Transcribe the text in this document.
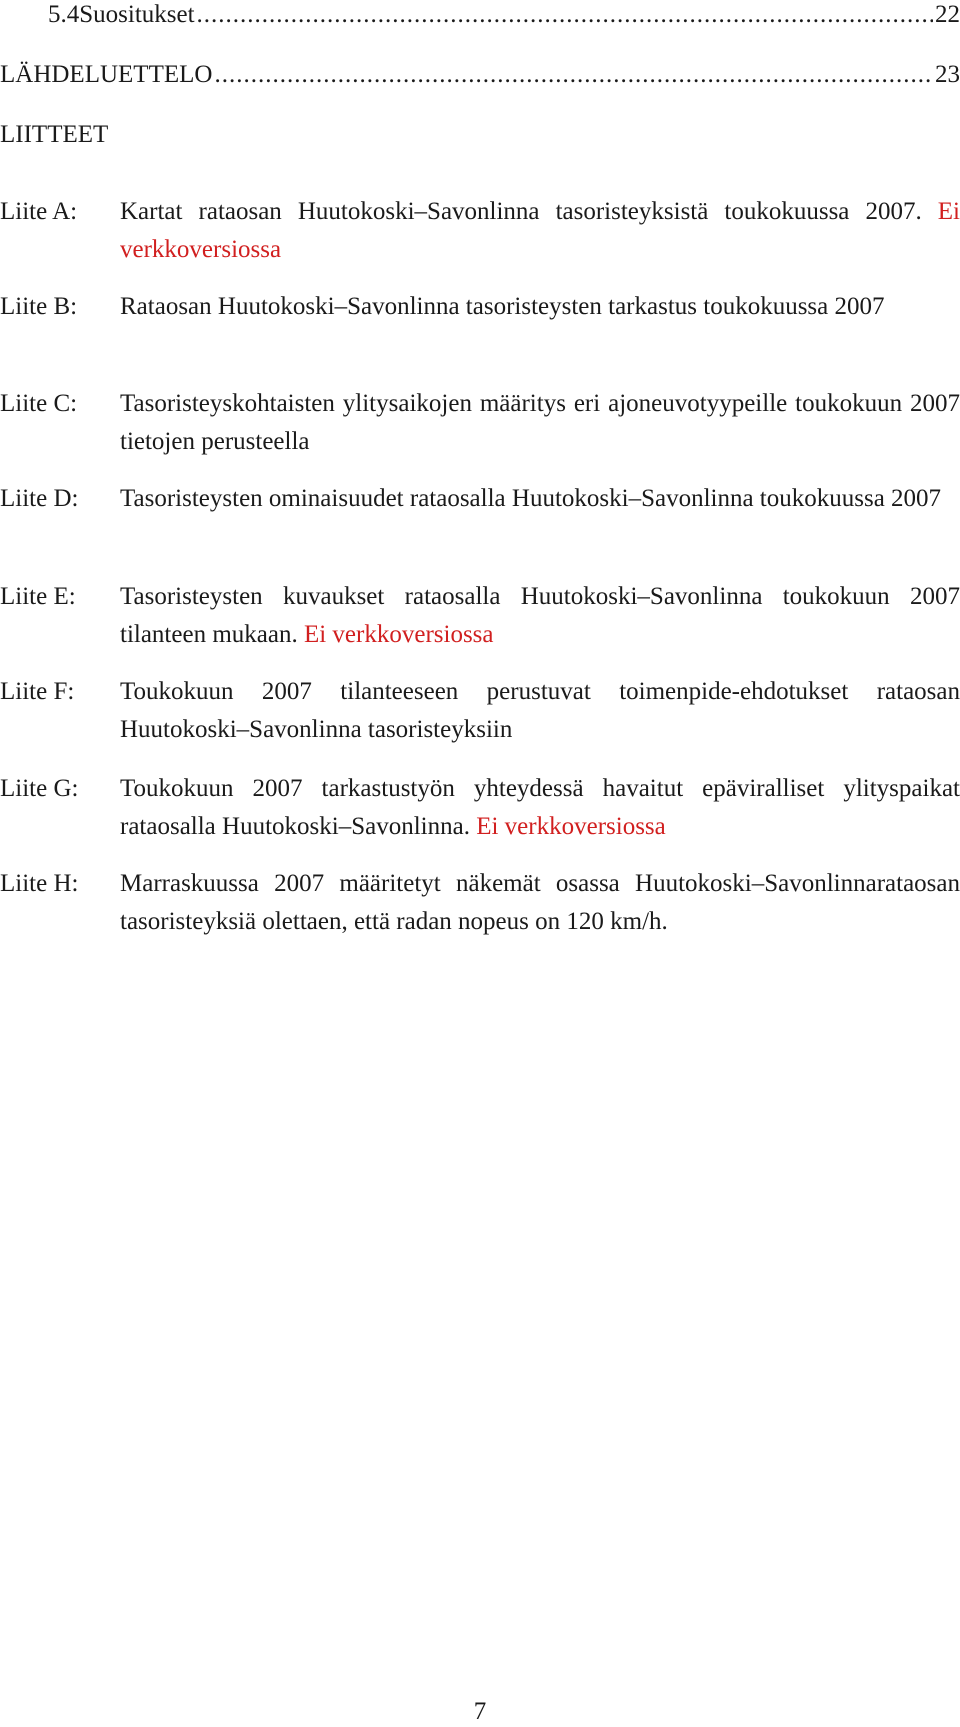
5.4 Suositukset .....	22
LÄHDELUETTELO .....	23
LIITTEET
Liite A:	Kartat rataosan Huutokoski–Savonlinna tasoristeyksistä toukokuussa 2007. Ei verkkoversiossa
Liite B:	Rataosan Huutokoski–Savonlinna tasoristeysten tarkastus toukokuussa 2007
Liite C:	Tasoristeyskohtaisten ylitysaikojen määritys eri ajoneuvotyypeille toukokuun 2007 tietojen perusteella
Liite D:	Tasoristeysten ominaisuudet rataosalla Huutokoski–Savonlinna toukokuussa 2007
Liite E:	Tasoristeysten kuvaukset rataosalla Huutokoski–Savonlinna toukokuun 2007 tilanteen mukaan. Ei verkkoversiossa
Liite F:	Toukokuun 2007 tilanteeseen perustuvat toimenpide-ehdotukset rataosan Huutokoski–Savonlinna tasoristeyksiin
Liite G:	Toukokuun 2007 tarkastustyön yhteydessä havaitut epäviralliset ylityspaikat rataosalla Huutokoski–Savonlinna. Ei verkkoversiossa
Liite H:	Marraskuussa 2007 määritetyt näkemät osassa Huutokoski–Savonlinnarataosan tasoristeyksiä olettaen, että radan nopeus on 120 km/h.
7
